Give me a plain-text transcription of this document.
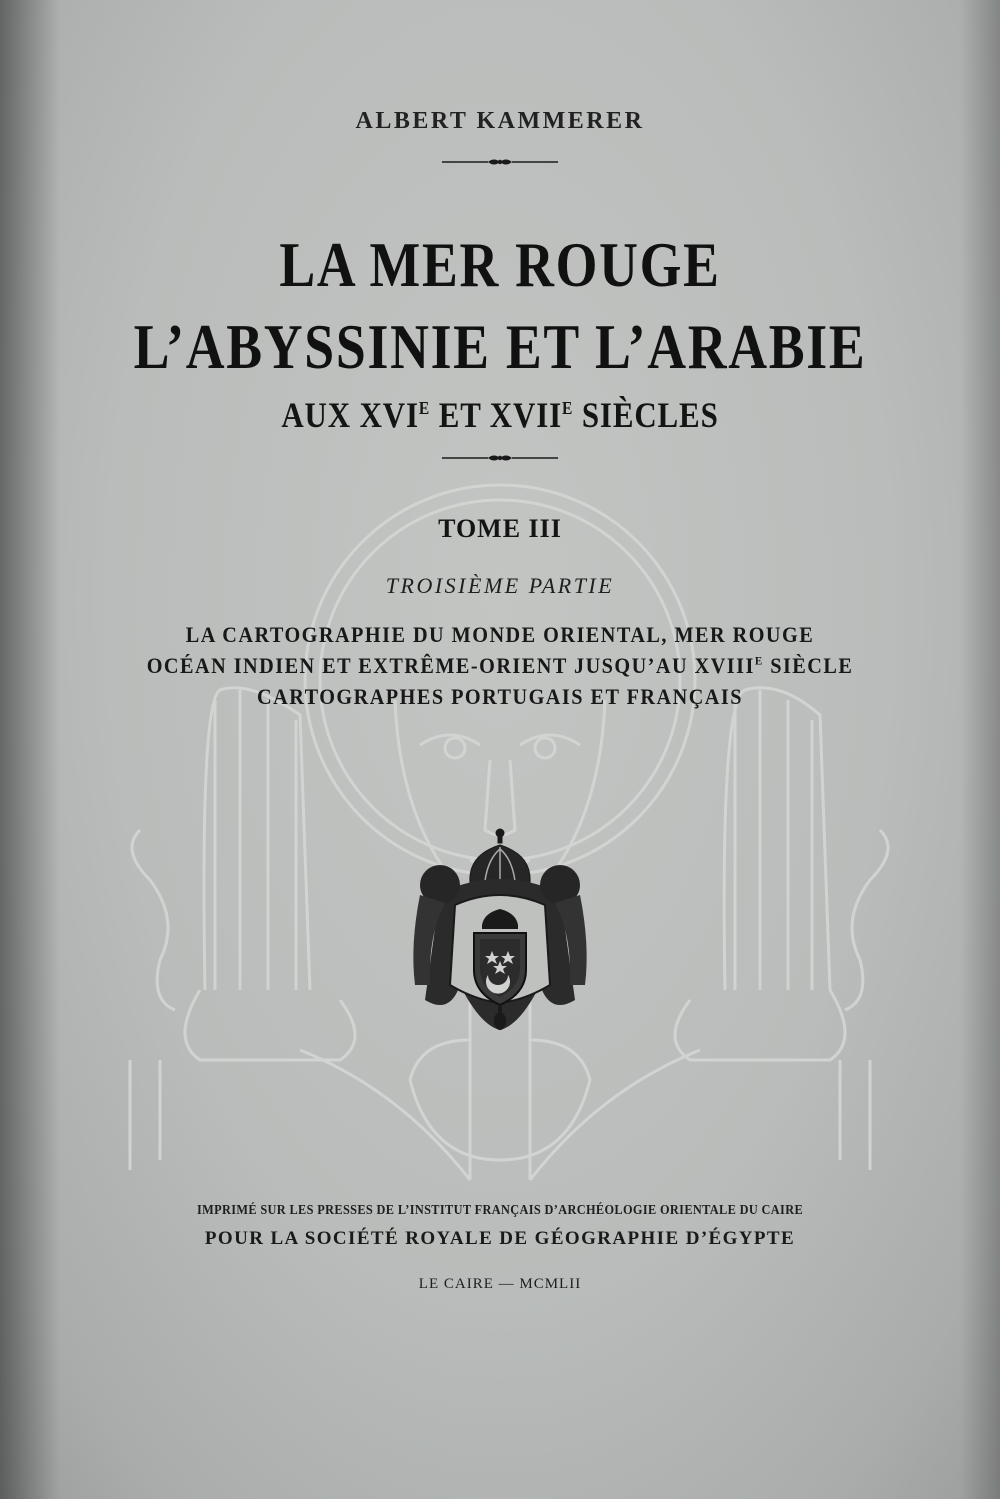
ALBERT KAMMERER
LA MER ROUGE
L’ABYSSINIE ET L’ARABIE
AUX $XVI^E$ ET $XVII^E$ SIÈCLES
TOME III
TROISIÈME PARTIE
LA CARTOGRAPHIE DU MONDE ORIENTAL, MER ROUGE
OCÉAN INDIEN ET EXTRÊME-ORIENT JUSQU’AU $XVIII^E$ SIÈCLE
CARTOGRAPHES PORTUGAIS ET FRANÇAIS
IMPRIMÉ SUR LES PRESSES DE L’INSTITUT FRANÇAIS D’ARCHÉOLOGIE ORIENTALE DU CAIRE
POUR LA SOCIÉTÉ ROYALE DE GÉOGRAPHIE D’ÉGYPTE
LE CAIRE — MCMLII
